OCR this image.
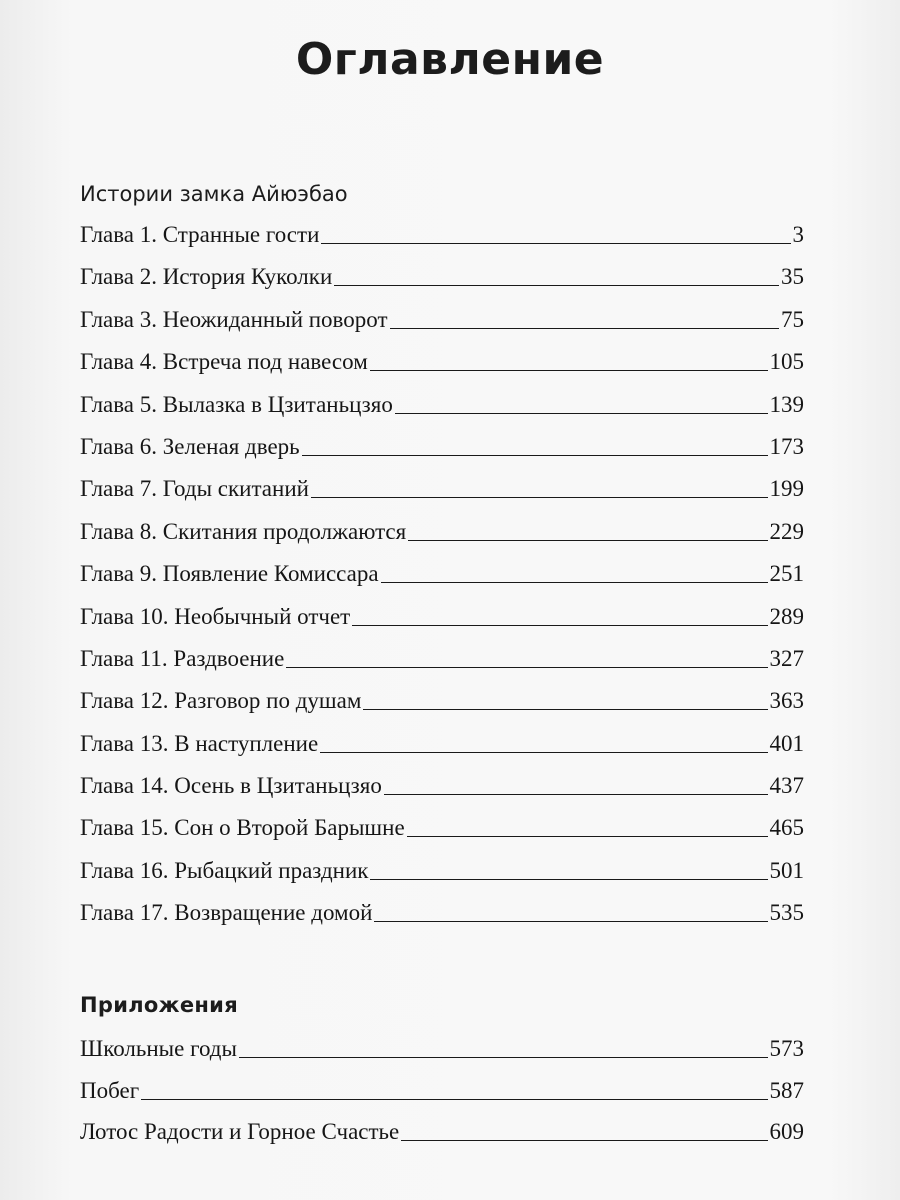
Оглавление
Истории замка Айюэбао
Глава 1. Странные гости	3
Глава 2. История Куколки	35
Глава 3. Неожиданный поворот	75
Глава 4. Встреча под навесом	105
Глава 5. Вылазка в Цзитаньцзяо	139
Глава 6. Зеленая дверь	173
Глава 7. Годы скитаний	199
Глава 8. Скитания продолжаются	229
Глава 9. Появление Комиссара	251
Глава 10. Необычный отчет	289
Глава 11. Раздвоение	327
Глава 12. Разговор по душам	363
Глава 13. В наступление	401
Глава 14. Осень в Цзитаньцзяо	437
Глава 15. Сон о Второй Барышне	465
Глава 16. Рыбацкий праздник	501
Глава 17. Возвращение домой	535
Приложения
Школьные годы	573
Побег	587
Лотос Радости и Горное Счастье	609
